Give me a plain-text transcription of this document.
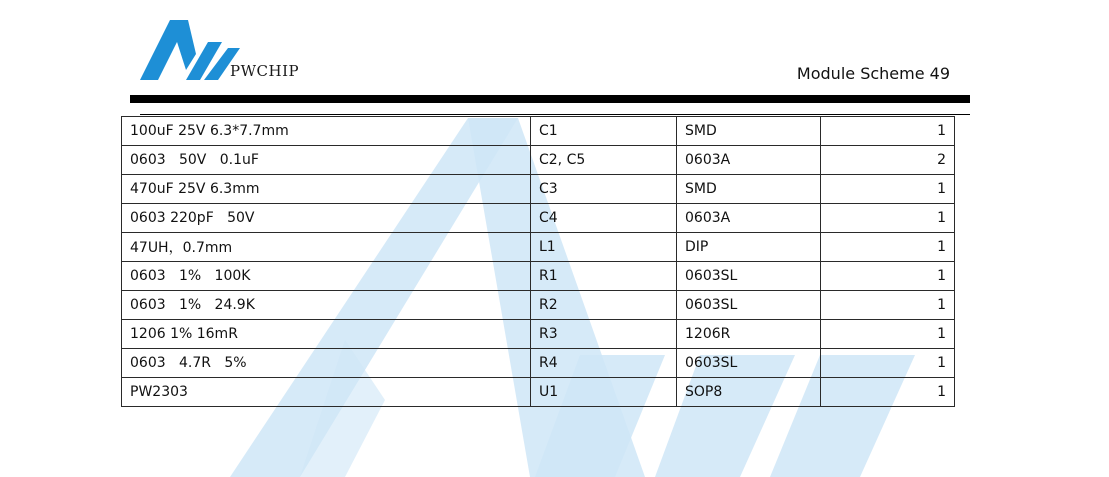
PWCHIP	Module Scheme 49
100uF 25V 6.3*7.7mm	C1	SMD	1
0603   50V   0.1uF	C2, C5	0603A	2
470uF 25V 6.3mm	C3	SMD	1
0603 220pF   50V	C4	0603A	1
47UH，0.7mm	L1	DIP	1
0603   1%   100K	R1	0603SL	1
0603   1%   24.9K	R2	0603SL	1
1206 1% 16mR	R3	1206R	1
0603   4.7R   5%	R4	0603SL	1
PW2303	U1	SOP8	1
